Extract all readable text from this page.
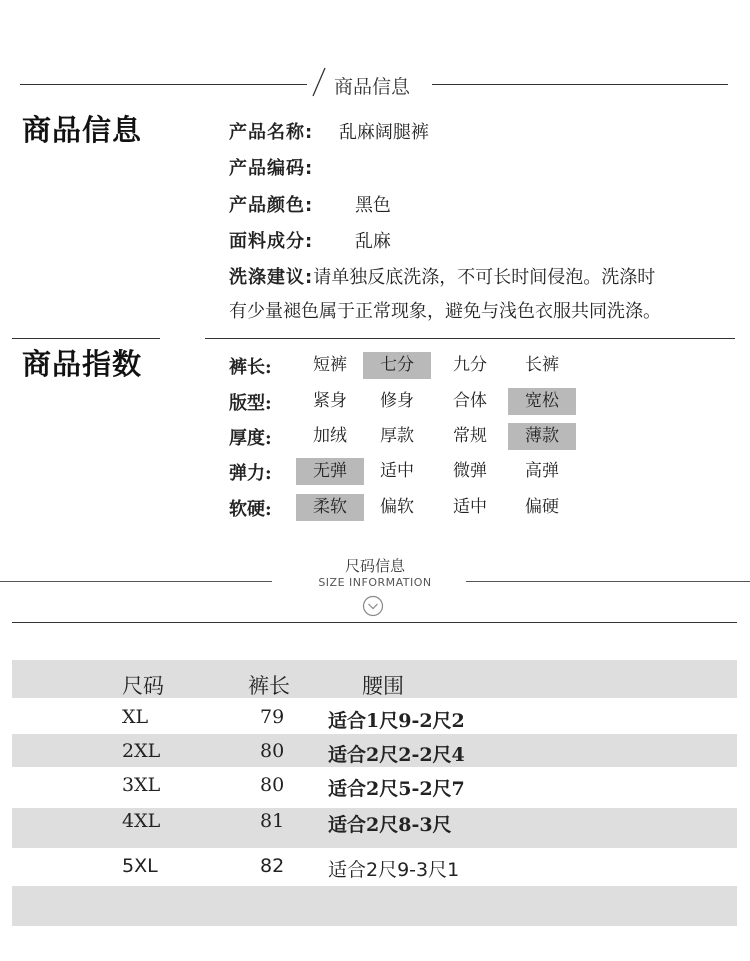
商品信息
商品信息	产品名称: 乱麻阔腿裤
产品编码:
产品颜色: 黑色
面料成分: 乱麻
洗涤建议:请单独反底洗涤，不可长时间侵泡。洗涤时
有少量褪色属于正常现象，避免与浅色衣服共同洗涤。
商品指数	裤长:	短裤	七分	九分	长裤
版型:	紧身	修身	合体	宽松
厚度:	加绒	厚款	常规	薄款
弹力:	无弹	适中	微弹	高弹
软硬:	柔软	偏软	适中	偏硬
尺码信息
SIZE INFORMATION
尺码	裤长	腰围
XL	79 适合1尺9-2尺2
2XL	80 适合2尺2-2尺4
3XL	80 适合2尺5-2尺7
4XL	81 适合2尺8-3尺
5XL	82 适合2尺9-3尺1
